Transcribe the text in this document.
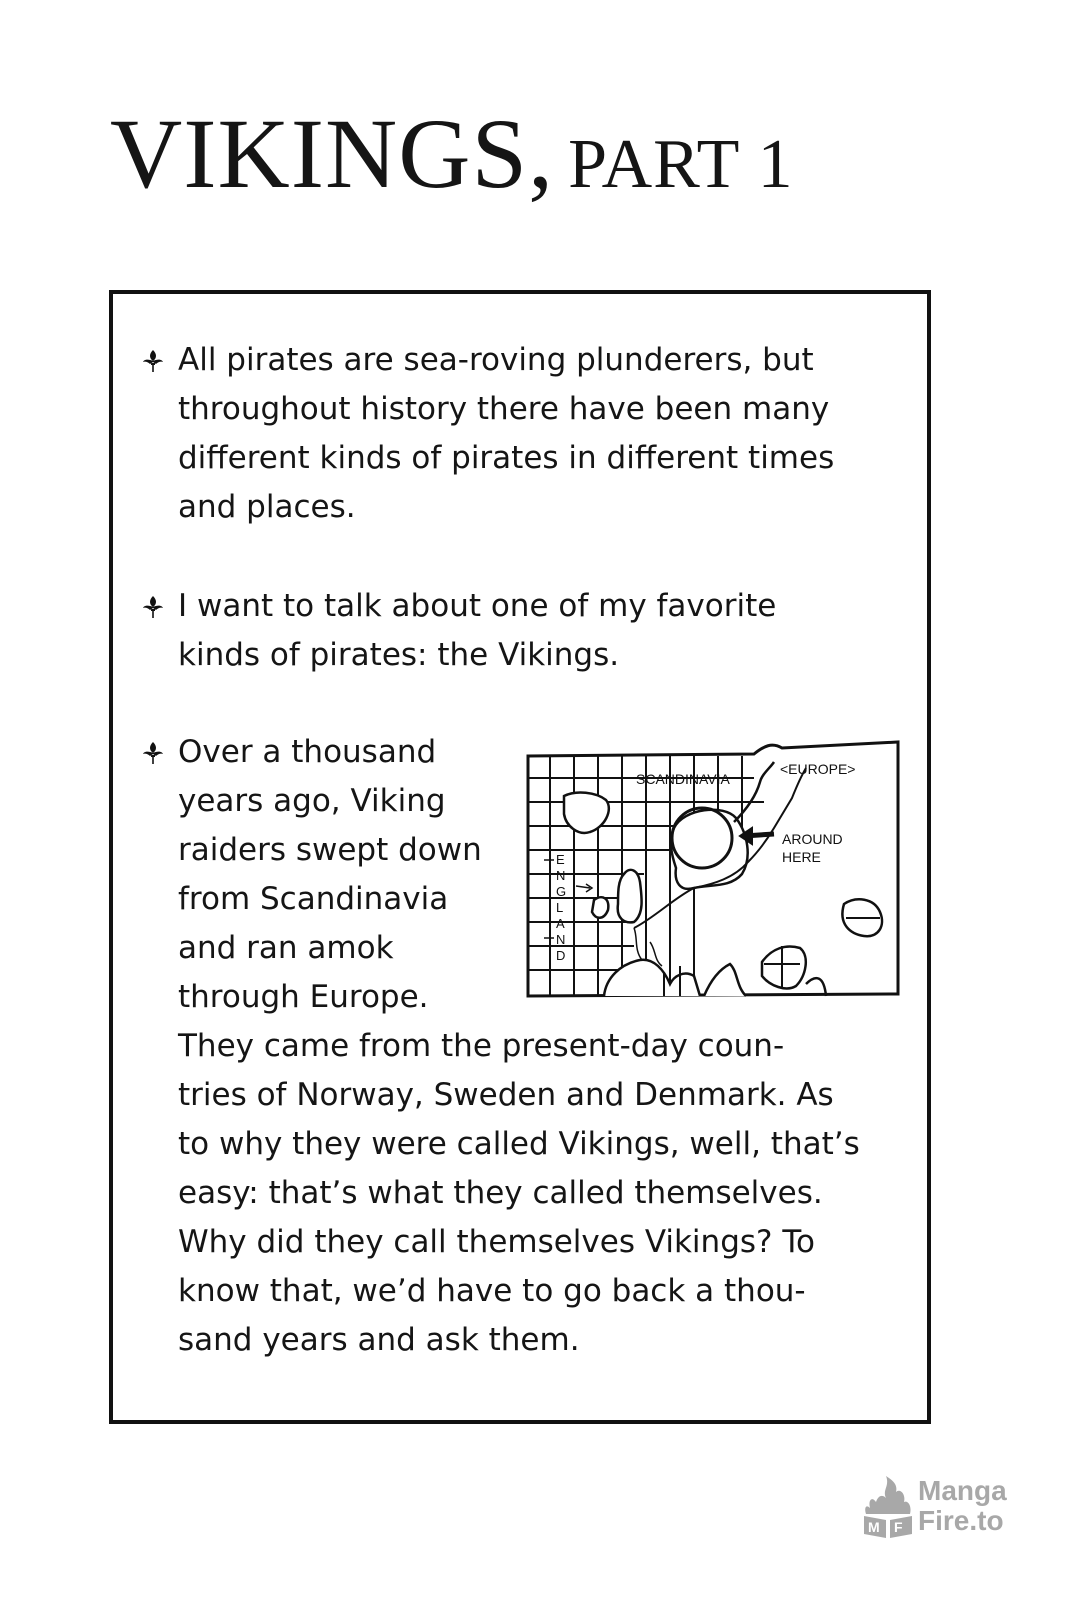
VIKINGS, PART 1
All pirates are sea-roving plunderers, but
throughout history there have been many
different kinds of pirates in different times
and places.
I want to talk about one of my favorite
kinds of pirates: the Vikings.
Over a thousand
years ago, Viking
raiders swept down
from Scandinavia
and ran amok
through Europe.
They came from the present-day coun-
tries of Norway, Sweden and Denmark. As
to why they were called Vikings, well, that’s
easy: that’s what they called themselves.
Why did they call themselves Vikings? To
know that, we’d have to go back a thou-
sand years and ask them.
SCANDINAVIA
<EUROPE>
AROUND
HERE
E
N
G
L
A
N
D
M F
Manga
Fire.to
